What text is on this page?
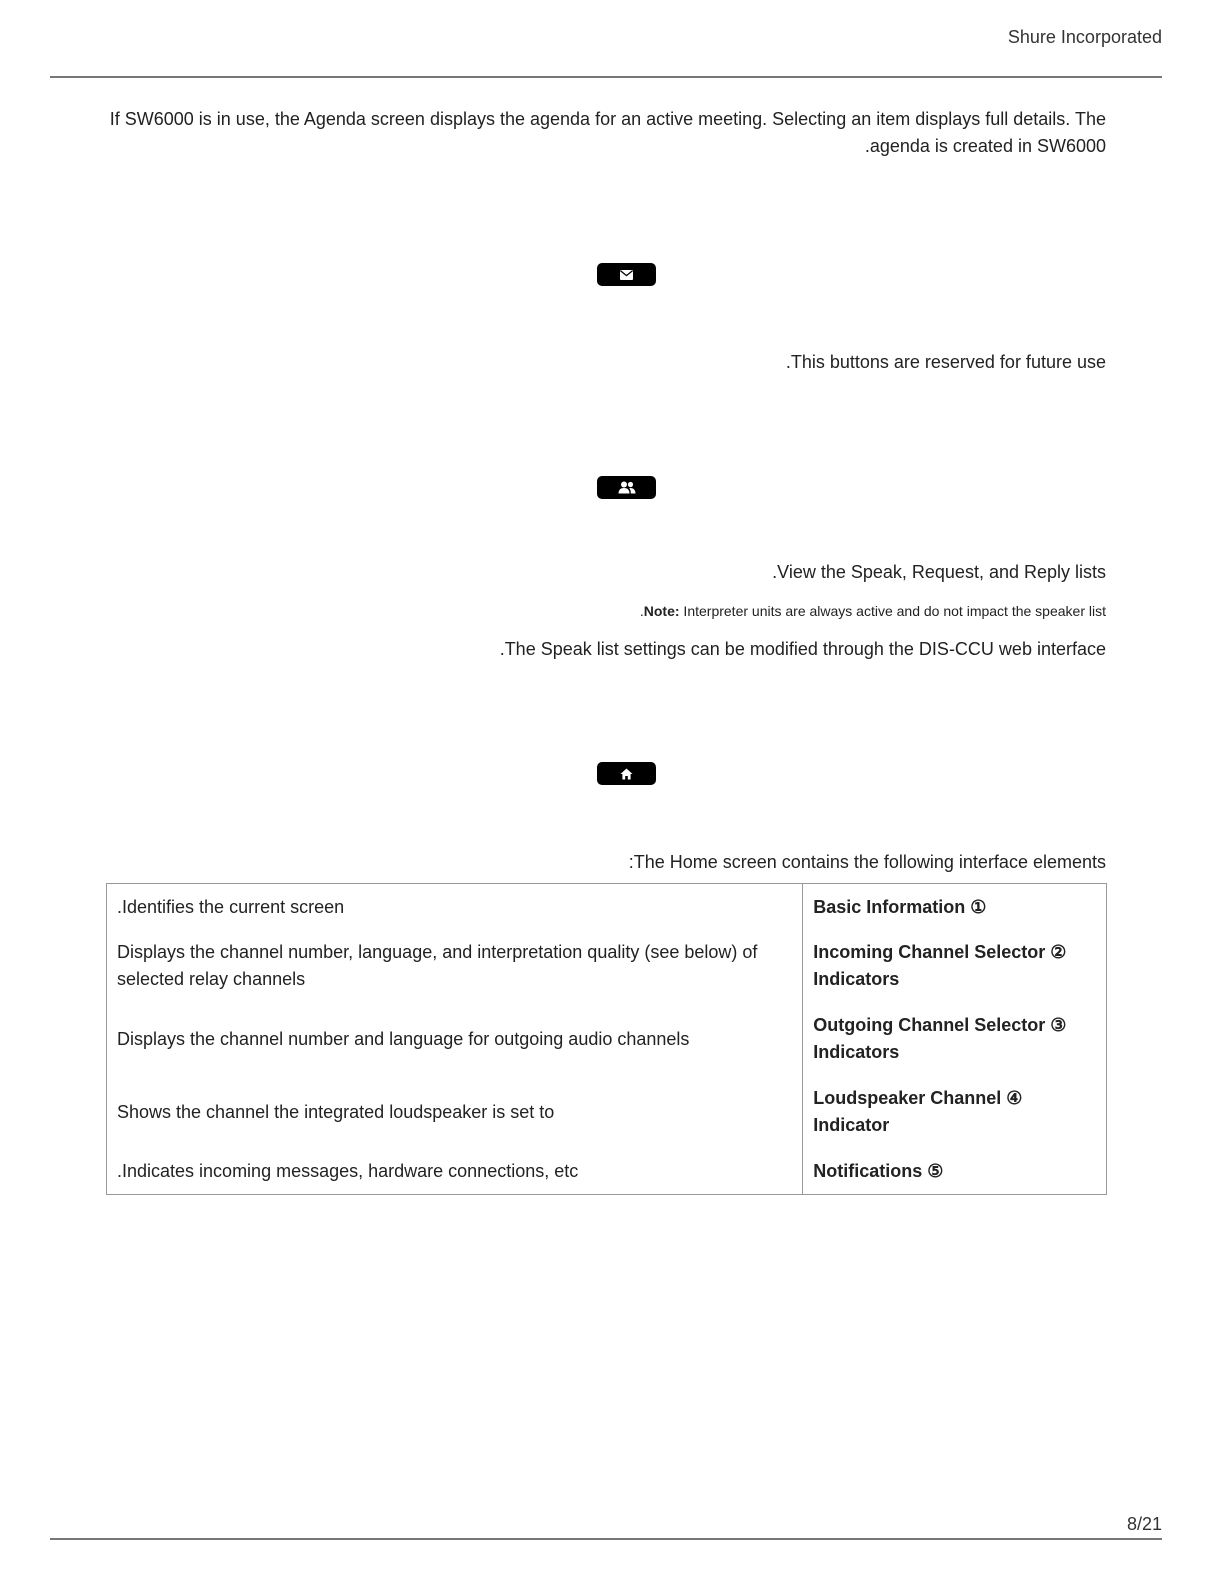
Shure Incorporated
If SW6000 is in use, the Agenda screen displays the agenda for an active meeting. Selecting an item displays full details. The .agenda is created in SW6000
.This buttons are reserved for future use
.View the Speak, Request, and Reply lists
.Note: Interpreter units are always active and do not impact the speaker list
.The Speak list settings can be modified through the DIS-CCU web interface
:The Home screen contains the following interface elements
.Identifies the current screen	Basic Information ①
Displays the channel number, language, and interpretation quality (see below) of selected relay channels	Incoming Channel Selector ② Indicators
Displays the channel number and language for outgoing audio channels	Outgoing Channel Selector ③ Indicators
Shows the channel the integrated loudspeaker is set to	Loudspeaker Channel ④ Indicator
.Indicates incoming messages, hardware connections, etc	Notifications ⑤
8/21
